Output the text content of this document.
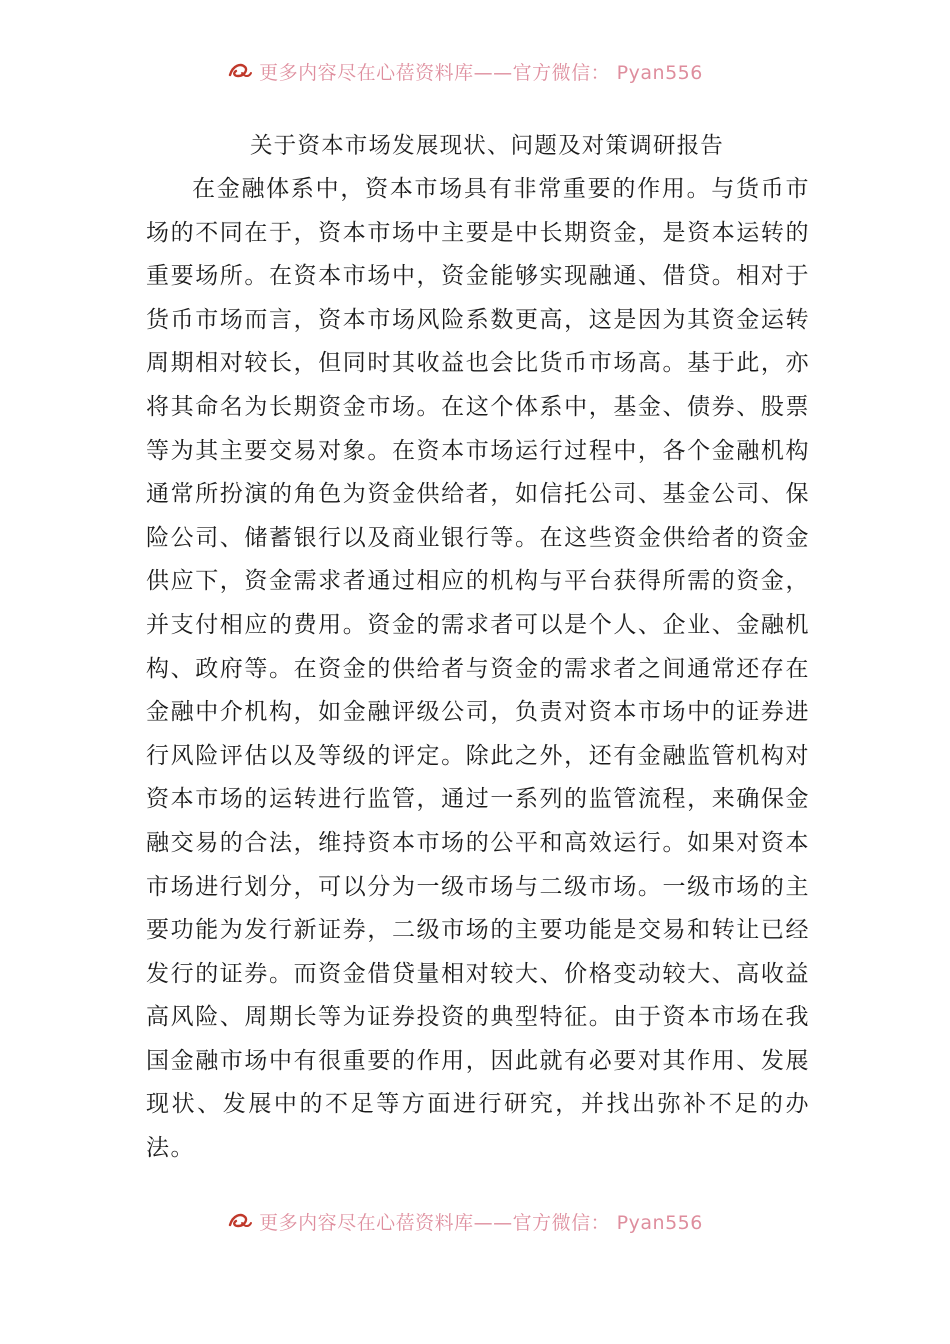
更多内容尽在心蓓资料库——官方微信： Pyan556
关于资本市场发展现状、问题及对策调研报告

在金融体系中，资本市场具有非常重要的作用。与货币市场的不同在于，资本市场中主要是中长期资金，是资本运转的重要场所。在资本市场中，资金能够实现融通、借贷。相对于货币市场而言，资本市场风险系数更高，这是因为其资金运转周期相对较长，但同时其收益也会比货币市场高。基于此，亦将其命名为长期资金市场。在这个体系中，基金、债券、股票等为其主要交易对象。在资本市场运行过程中，各个金融机构通常所扮演的角色为资金供给者，如信托公司、基金公司、保险公司、储蓄银行以及商业银行等。在这些资金供给者的资金供应下，资金需求者通过相应的机构与平台获得所需的资金，并支付相应的费用。资金的需求者可以是个人、企业、金融机构、政府等。在资金的供给者与资金的需求者之间通常还存在金融中介机构，如金融评级公司，负责对资本市场中的证券进行风险评估以及等级的评定。除此之外，还有金融监管机构对资本市场的运转进行监管，通过一系列的监管流程，来确保金融交易的合法，维持资本市场的公平和高效运行。如果对资本市场进行划分，可以分为一级市场与二级市场。一级市场的主要功能为发行新证券，二级市场的主要功能是交易和转让已经发行的证券。而资金借贷量相对较大、价格变动较大、高收益高风险、周期长等为证券投资的典型特征。由于资本市场在我国金融市场中有很重要的作用，因此就有必要对其作用、发展现状、发展中的不足等方面进行研究，并找出弥补不足的办法。

更多内容尽在心蓓资料库——官方微信： Pyan556
